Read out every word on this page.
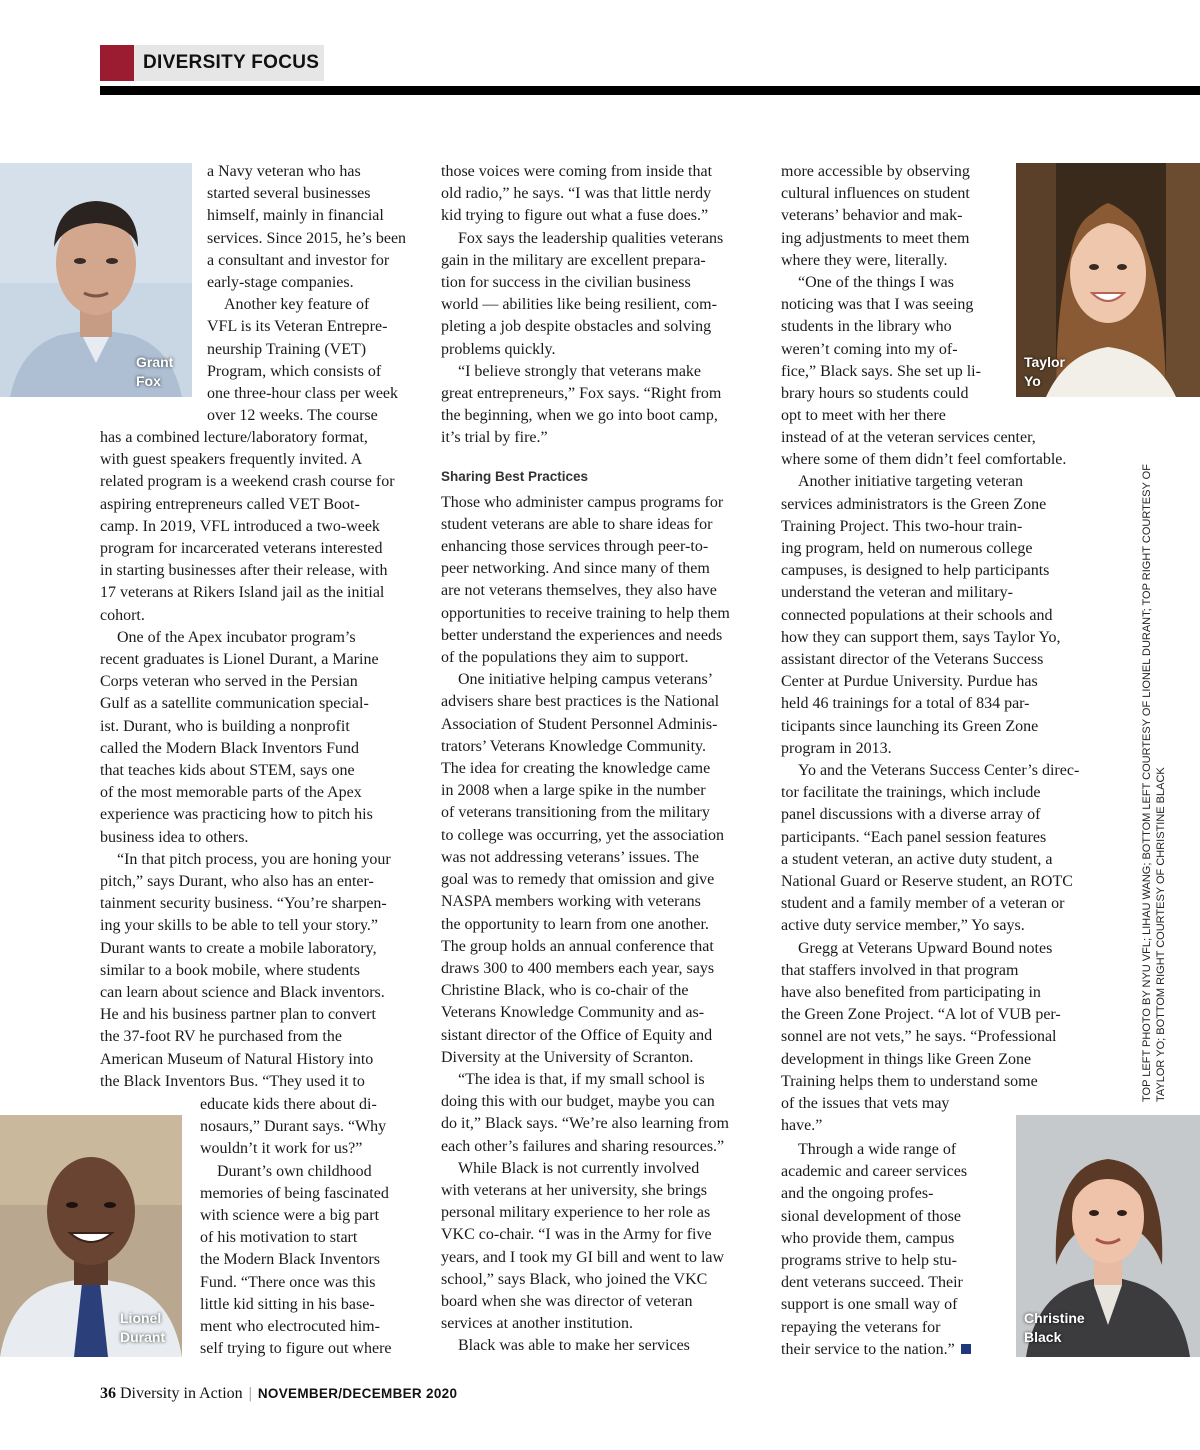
DIVERSITY FOCUS
Grant
Fox
Taylor
Yo
Lionel
Durant
Christine
Black

a Navy veteran who has
started several businesses
himself, mainly in financial
services. Since 2015, he’s been
a consultant and investor for
early-stage companies.

Another key feature of
VFL is its Veteran Entrepre-
neurship Training (VET)
Program, which consists of
one three-hour class per week
over 12 weeks. The course

has a combined lecture/laboratory format,
with guest speakers frequently invited. A
related program is a weekend crash course for
aspiring entrepreneurs called VET Boot-
camp. In 2019, VFL introduced a two-week
program for incarcerated veterans interested
in starting businesses after their release, with
17 veterans at Rikers Island jail as the initial
cohort.

One of the Apex incubator program’s
recent graduates is Lionel Durant, a Marine
Corps veteran who served in the Persian
Gulf as a satellite communication special-
ist. Durant, who is building a nonprofit
called the Modern Black Inventors Fund
that teaches kids about STEM, says one
of the most memorable parts of the Apex
experience was practicing how to pitch his
business idea to others.

“In that pitch process, you are honing your
pitch,” says Durant, who also has an enter-
tainment security business. “You’re sharpen-
ing your skills to be able to tell your story.”
Durant wants to create a mobile laboratory,
similar to a book mobile, where students
can learn about science and Black inventors.
He and his business partner plan to convert
the 37-foot RV he purchased from the
American Museum of Natural History into
the Black Inventors Bus. “They used it to

educate kids there about di-
nosaurs,” Durant says. “Why
wouldn’t it work for us?”

Durant’s own childhood
memories of being fascinated
with science were a big part
of his motivation to start
the Modern Black Inventors
Fund. “There once was this
little kid sitting in his base-
ment who electrocuted him-
self trying to figure out where

those voices were coming from inside that
old radio,” he says. “I was that little nerdy
kid trying to figure out what a fuse does.”

Fox says the leadership qualities veterans
gain in the military are excellent prepara-
tion for success in the civilian business
world — abilities like being resilient, com-
pleting a job despite obstacles and solving
problems quickly.

“I believe strongly that veterans make
great entrepreneurs,” Fox says. “Right from
the beginning, when we go into boot camp,
it’s trial by fire.”

Sharing Best Practices

Those who administer campus programs for
student veterans are able to share ideas for
enhancing those services through peer-to-
peer networking. And since many of them
are not veterans themselves, they also have
opportunities to receive training to help them
better understand the experiences and needs
of the populations they aim to support.

One initiative helping campus veterans’
advisers share best practices is the National
Association of Student Personnel Adminis-
trators’ Veterans Knowledge Community.
The idea for creating the knowledge came
in 2008 when a large spike in the number
of veterans transitioning from the military
to college was occurring, yet the association
was not addressing veterans’ issues. The
goal was to remedy that omission and give
NASPA members working with veterans
the opportunity to learn from one another.
The group holds an annual conference that
draws 300 to 400 members each year, says
Christine Black, who is co-chair of the
Veterans Knowledge Community and as-
sistant director of the Office of Equity and
Diversity at the University of Scranton.

“The idea is that, if my small school is
doing this with our budget, maybe you can
do it,” Black says. “We’re also learning from
each other’s failures and sharing resources.”

While Black is not currently involved
with veterans at her university, she brings
personal military experience to her role as
VKC co-chair. “I was in the Army for five
years, and I took my GI bill and went to law
school,” says Black, who joined the VKC
board when she was director of veteran
services at another institution.

Black was able to make her services

more accessible by observing
cultural influences on student
veterans’ behavior and mak-
ing adjustments to meet them
where they were, literally.

“One of the things I was
noticing was that I was seeing
students in the library who
weren’t coming into my of-
fice,” Black says. She set up li-
brary hours so students could
opt to meet with her there

instead of at the veteran services center,
where some of them didn’t feel comfortable.

Another initiative targeting veteran
services administrators is the Green Zone
Training Project. This two-hour train-
ing program, held on numerous college
campuses, is designed to help participants
understand the veteran and military-
connected populations at their schools and
how they can support them, says Taylor Yo,
assistant director of the Veterans Success
Center at Purdue University. Purdue has
held 46 trainings for a total of 834 par-
ticipants since launching its Green Zone
program in 2013.

Yo and the Veterans Success Center’s direc-
tor facilitate the trainings, which include
panel discussions with a diverse array of
participants. “Each panel session features
a student veteran, an active duty student, a
National Guard or Reserve student, an ROTC
student and a family member of a veteran or
active duty service member,” Yo says.

Gregg at Veterans Upward Bound notes
that staffers involved in that program
have also benefited from participating in
the Green Zone Project. “A lot of VUB per-
sonnel are not vets,” he says. “Professional
development in things like Green Zone
Training helps them to understand some
of the issues that vets may
have.”

Through a wide range of
academic and career services
and the ongoing profes-
sional development of those
who provide them, campus
programs strive to help stu-
dent veterans succeed. Their
support is one small way of
repaying the veterans for
their service to the nation.”

TOP LEFT PHOTO BY NYU VFL; LIHAU WANG; BOTTOM LEFT COURTESY OF LIONEL DURANT; TOP RIGHT COURTESY OF TAYLOR YO; BOTTOM RIGHT COURTESY OF CHRISTINE BLACK
36 Diversity in Action | NOVEMBER/DECEMBER 2020
